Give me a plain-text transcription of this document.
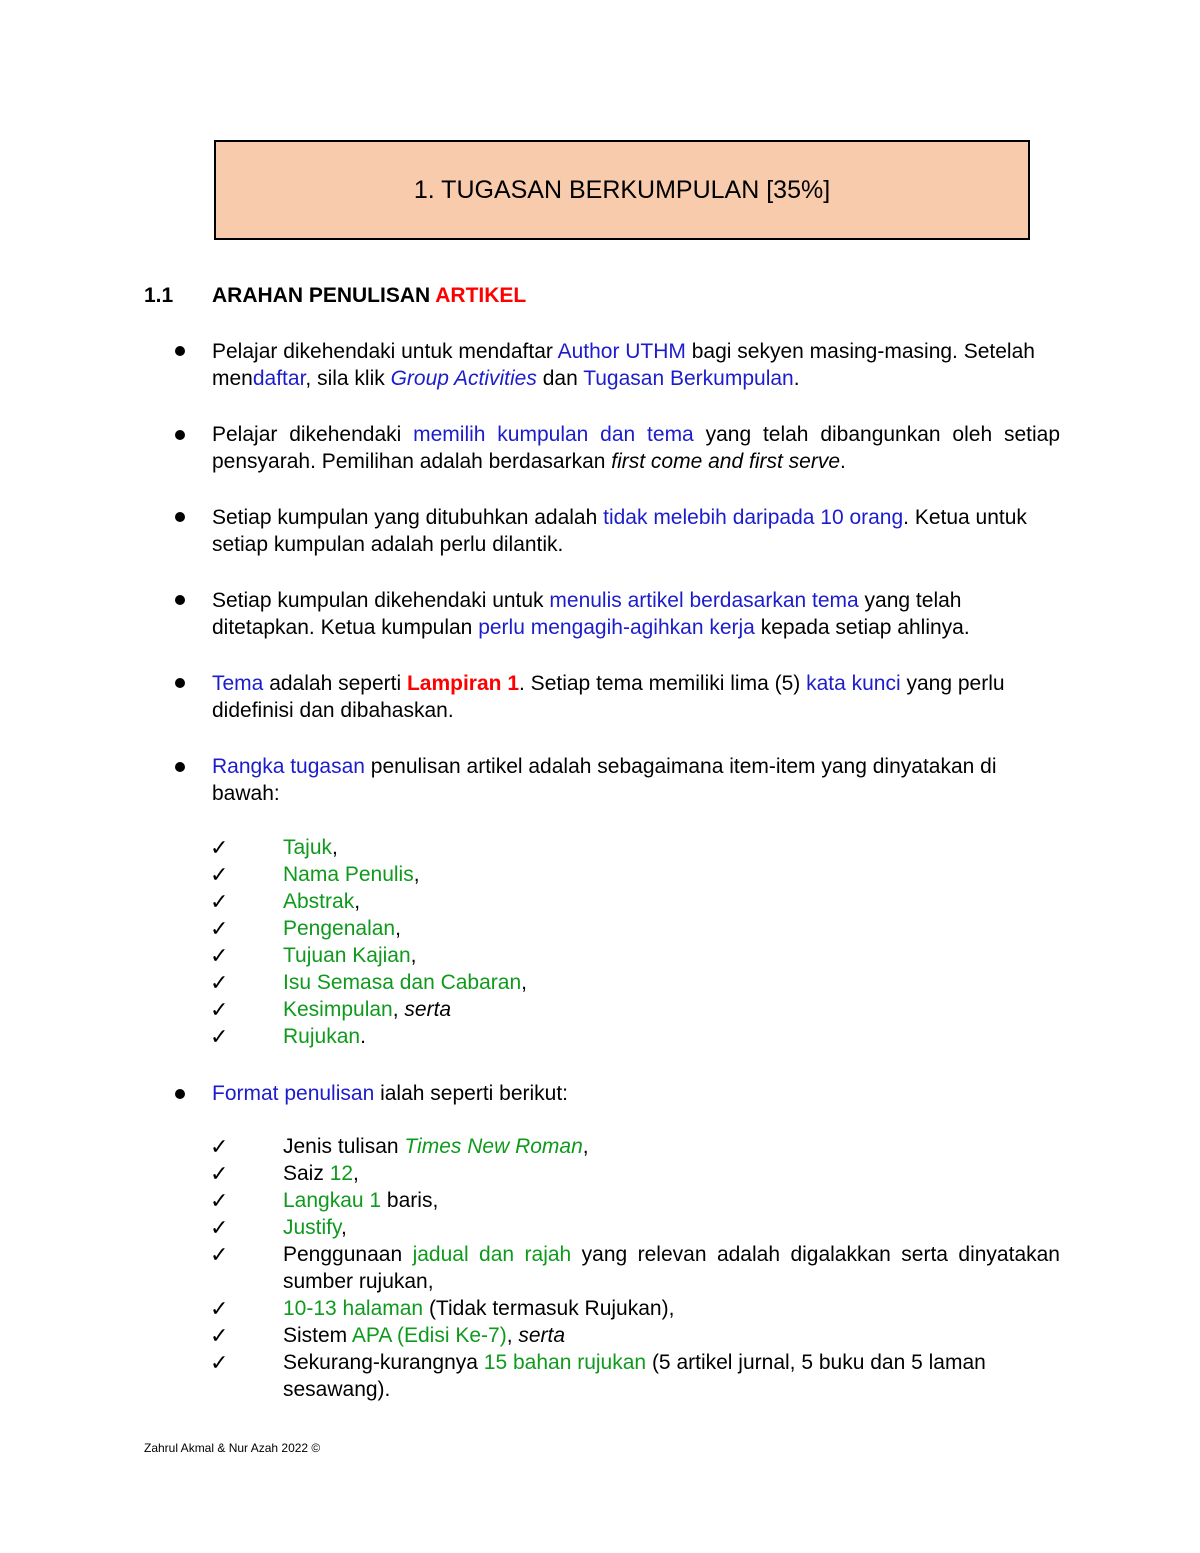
1. TUGASAN BERKUMPULAN [35%]
1.1 ARAHAN PENULISAN ARTIKEL
Pelajar dikehendaki untuk mendaftar Author UTHM bagi sekyen masing-masing. Setelah mendaftar, sila klik Group Activities dan Tugasan Berkumpulan.
Pelajar dikehendaki memilih kumpulan dan tema yang telah dibangunkan oleh setiap pensyarah. Pemilihan adalah berdasarkan first come and first serve.
Setiap kumpulan yang ditubuhkan adalah tidak melebih daripada 10 orang. Ketua untuk setiap kumpulan adalah perlu dilantik.
Setiap kumpulan dikehendaki untuk menulis artikel berdasarkan tema yang telah ditetapkan. Ketua kumpulan perlu mengagih-agihkan kerja kepada setiap ahlinya.
Tema adalah seperti Lampiran 1. Setiap tema memiliki lima (5) kata kunci yang perlu didefinisi dan dibahaskan.
Rangka tugasan penulisan artikel adalah sebagaimana item-item yang dinyatakan di bawah:
✓	Tajuk,
✓	Nama Penulis,
✓	Abstrak,
✓	Pengenalan,
✓	Tujuan Kajian,
✓	Isu Semasa dan Cabaran,
✓	Kesimpulan, serta
✓	Rujukan.
Format penulisan ialah seperti berikut:
✓	Jenis tulisan Times New Roman,
✓	Saiz 12,
✓	Langkau 1 baris,
✓	Justify,
✓	Penggunaan jadual dan rajah yang relevan adalah digalakkan serta dinyatakan sumber rujukan,
✓	10-13 halaman (Tidak termasuk Rujukan),
✓	Sistem APA (Edisi Ke-7), serta
✓	Sekurang-kurangnya 15 bahan rujukan (5 artikel jurnal, 5 buku dan 5 laman sesawang).
Zahrul Akmal & Nur Azah 2022 ©
